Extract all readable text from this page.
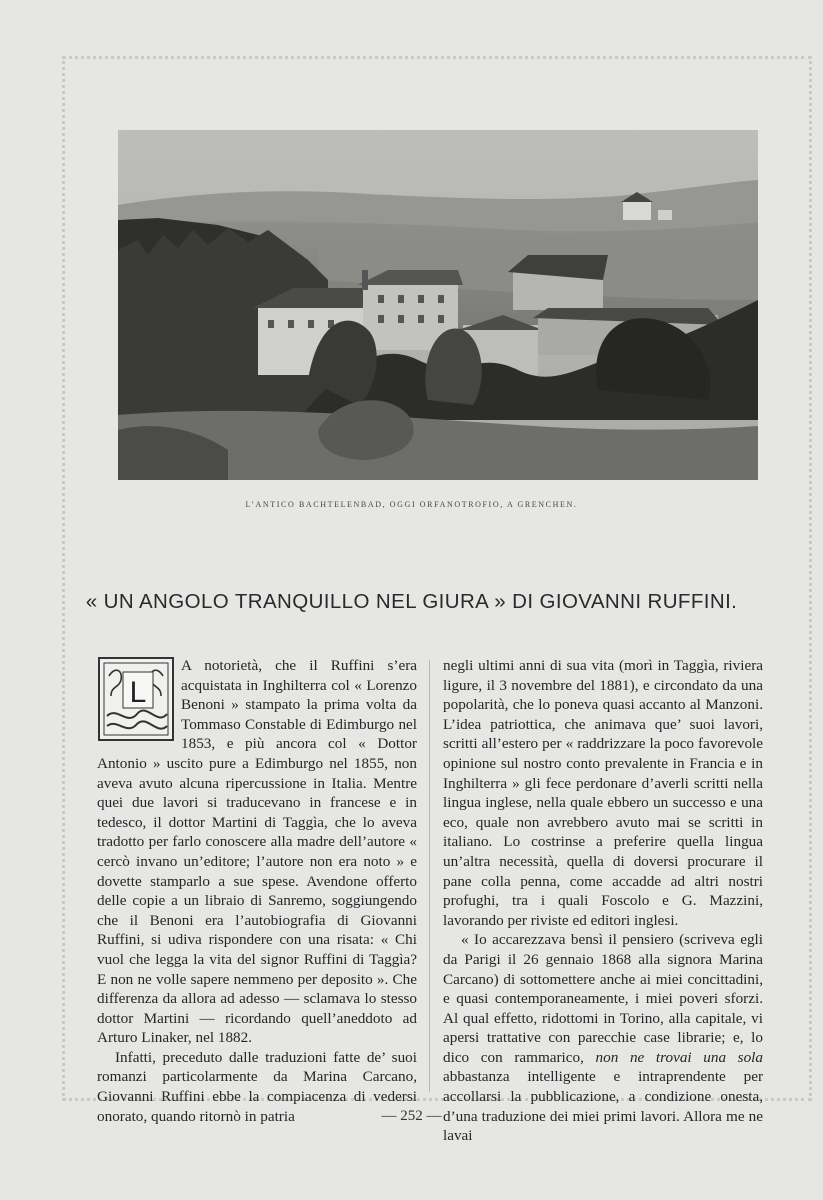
L’ANTICO BACHTELENBAD, OGGI ORFANOTROFIO, A GRENCHEN.
« UN ANGOLO TRANQUILLO NEL GIURA » DI GIOVANNI RUFFINI.
L

A notorietà, che il Ruffini s’era acquistata in Inghilterra col « Lorenzo Benoni » stampato la prima volta da Tommaso Constable di Edimburgo nel 1853, e più ancora col « Dottor Antonio » uscito pure a Edimburgo nel 1855, non aveva avuto alcuna ripercussione in Italia. Mentre quei due lavori si traducevano in francese e in tedesco, il dottor Martini di Taggìa, che lo aveva tradotto per farlo conoscere alla madre dell’autore « cercò invano un’editore; l’autore non era noto » e dovette stamparlo a sue spese. Avendone offerto delle copie a un libraio di Sanremo, soggiungendo che il Benoni era l’autobiografia di Giovanni Ruffini, si udiva rispondere con una risata: « Chi vuol che legga la vita del signor Ruffini di Taggìa? E non ne volle sapere nemmeno per deposito ». Che differenza da allora ad adesso — sclamava lo stesso dottor Martini — ricordando quell’aneddoto ad Arturo Linaker, nel 1882.

Infatti, preceduto dalle traduzioni fatte de’ suoi romanzi particolarmente da Marina Carcano, Giovanni Ruffini ebbe la compiacenza di vedersi onorato, quando ritornò in patria

negli ultimi anni di sua vita (morì in Taggìa, riviera ligure, il 3 novembre del 1881), e circondato da una popolarità, che lo poneva quasi accanto al Manzoni. L’idea patriottica, che animava que’ suoi lavori, scritti all’estero per « raddrizzare la poco favorevole opinione sul nostro conto prevalente in Francia e in Inghilterra » gli fece perdonare d’averli scritti nella lingua inglese, nella quale ebbero un successo e una eco, quale non avrebbero avuto mai se scritti in italiano. Lo costrinse a preferire quella lingua un’altra necessità, quella di doversi procurare il pane colla penna, come accadde ad altri nostri profughi, tra i quali Foscolo e G. Mazzini, lavorando per riviste ed editori inglesi.

« Io accarezzava bensì il pensiero (scriveva egli da Parigi il 26 gennaio 1868 alla signora Marina Carcano) di sottomettere anche ai miei concittadini, e quasi contemporaneamente, i miei poveri sforzi. Al qual effetto, ridottomi in Torino, alla capitale, vi apersi trattative con parecchie case librarie; e, lo dico con rammarico, non ne trovai una sola abbastanza intelligente e intraprendente per accollarsi la pubblicazione, a condizione onesta, d’una traduzione dei miei primi lavori. Allora me ne lavai

— 252 —
